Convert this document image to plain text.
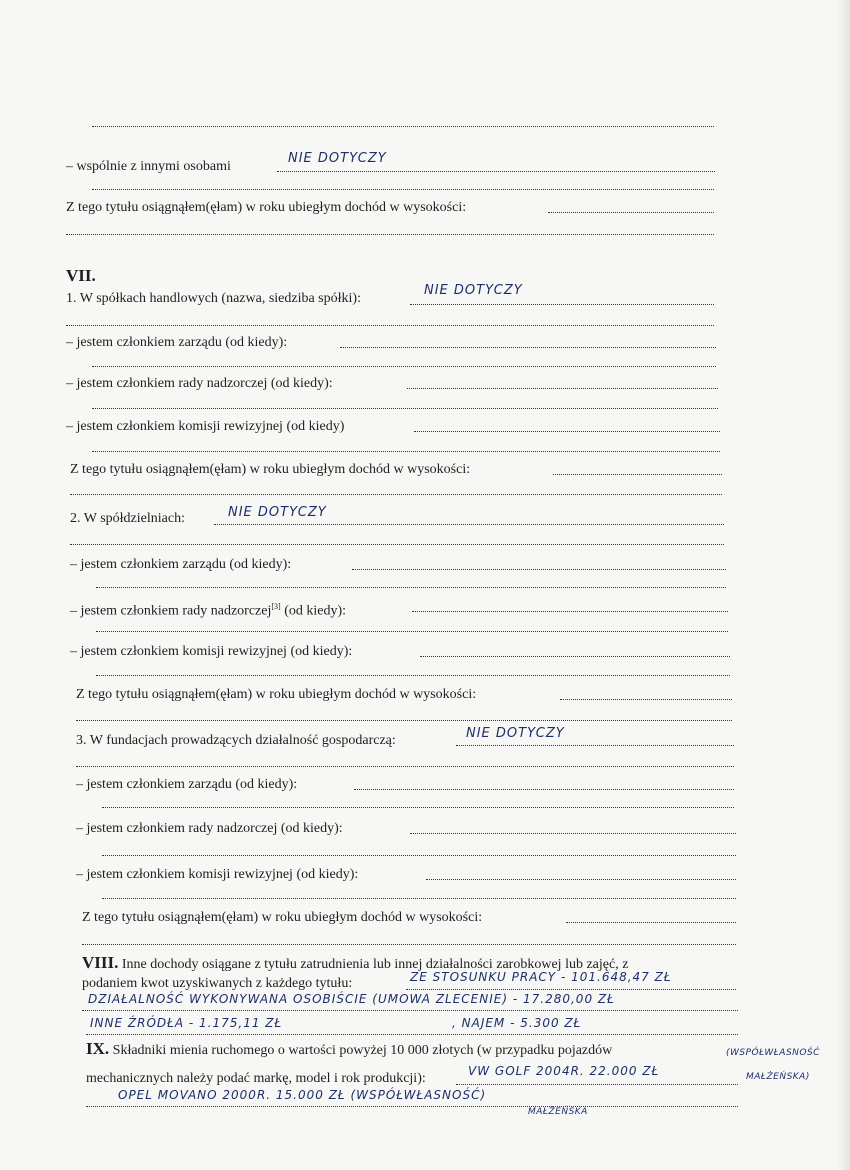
– wspólnie z innymi osobami
NIE DOTYCZY
Z tego tytułu osiągnąłem(ęłam) w roku ubiegłym dochód w wysokości:
VII.
1. W spółkach handlowych (nazwa, siedziba spółki):
NIE DOTYCZY
– jestem członkiem zarządu (od kiedy):
– jestem członkiem rady nadzorczej (od kiedy):
– jestem członkiem komisji rewizyjnej (od kiedy)
Z tego tytułu osiągnąłem(ęłam) w roku ubiegłym dochód w wysokości:
2. W spółdzielniach:	NIE DOTYCZY
– jestem członkiem zarządu (od kiedy):
– jestem członkiem rady nadzorczej[3] (od kiedy):
– jestem członkiem komisji rewizyjnej (od kiedy):
Z tego tytułu osiągnąłem(ęłam) w roku ubiegłym dochód w wysokości:
3. W fundacjach prowadzących działalność gospodarczą:	NIE DOTYCZY
– jestem członkiem zarządu (od kiedy):
– jestem członkiem rady nadzorczej (od kiedy):
– jestem członkiem komisji rewizyjnej (od kiedy):
Z tego tytułu osiągnąłem(ęłam) w roku ubiegłym dochód w wysokości:
VIII. Inne dochody osiągane z tytułu zatrudnienia lub innej działalności zarobkowej lub zajęć, z
podaniem kwot uzyskiwanych z każdego tytułu:	ZE STOSUNKU PRACY - 101.648,47 ZŁ
DZIAŁALNOŚĆ WYKONYWANA OSOBIŚCIE (UMOWA ZLECENIE) - 17.280,00 ZŁ
INNE ŹRÓDŁA - 1.175,11 ZŁ	, NAJEM - 5.300 ZŁ
IX. Składniki mienia ruchomego o wartości powyżej 10 000 złotych (w przypadku pojazdów
mechanicznych należy podać markę, model i rok produkcji):	VW GOLF 2004R. 22.000 ZŁ
(WSPÓŁWŁASNOŚĆ
MAŁŻEŃSKA)
OPEL MOVANO 2000R. 15.000 ZŁ (WSPÓŁWŁASNOŚĆ)
MAŁŻEŃSKA
